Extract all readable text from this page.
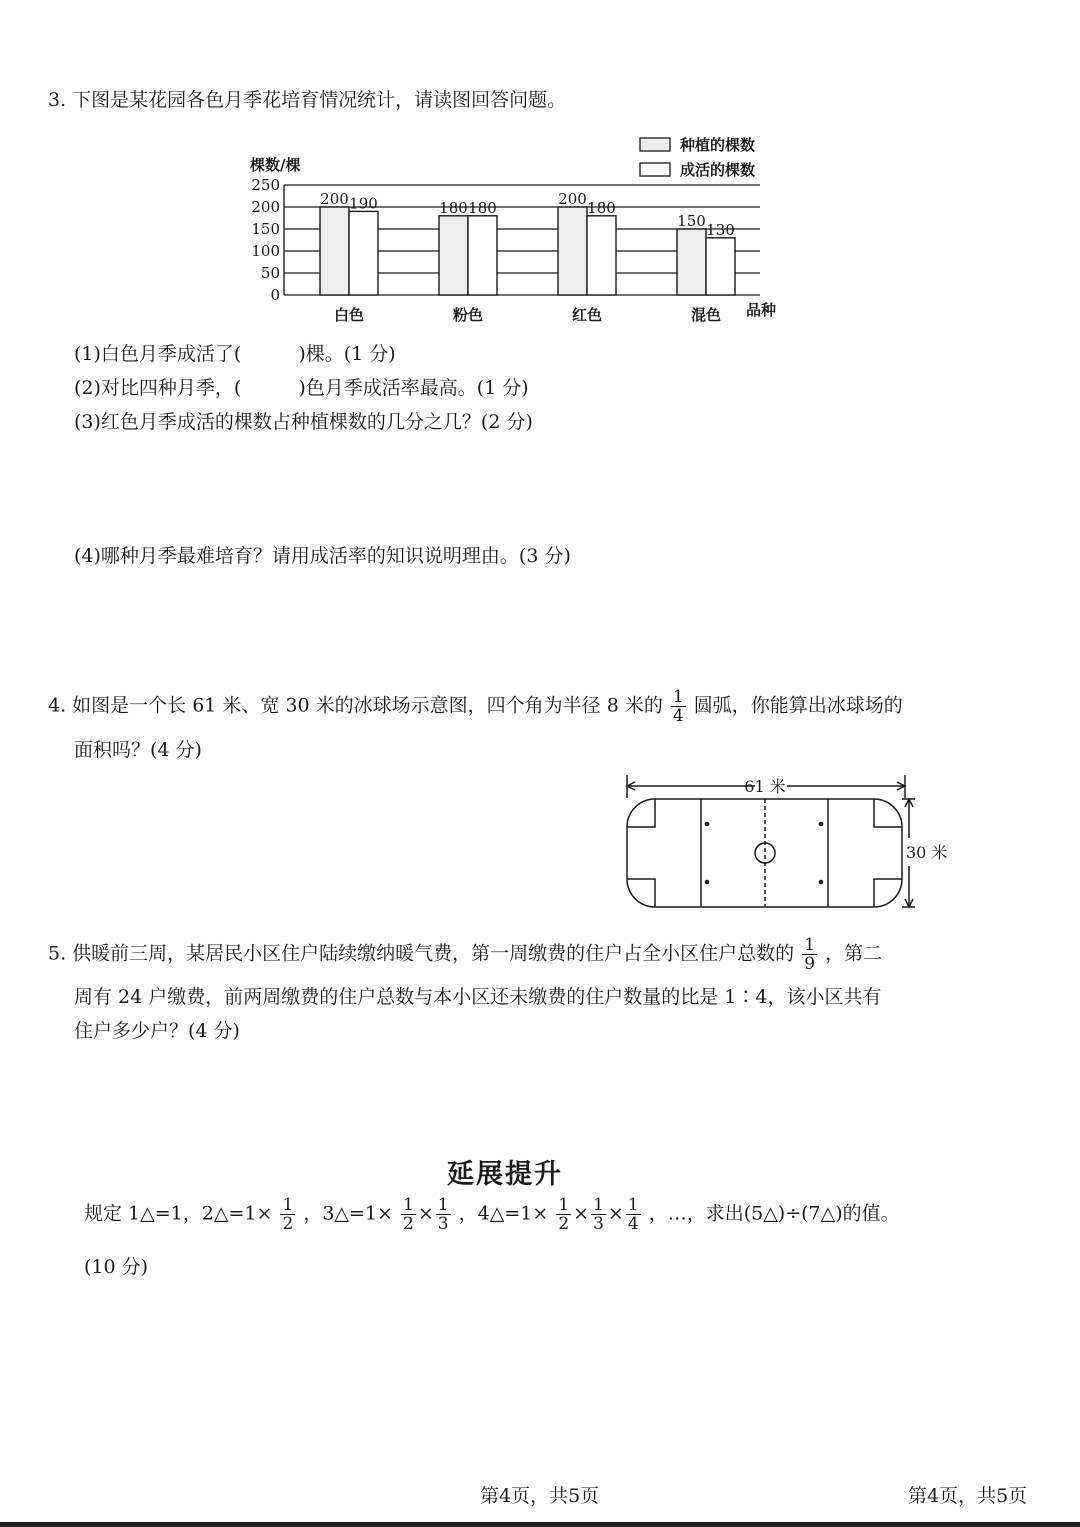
3. 下图是某花园各色月季花培育情况统计，请读图回答问题。
0
50
100
150
200
250
棵数/棵
品种
200 190
白色
180 180
粉色
200 180
红色
150 130
混色
种植的棵数
成活的棵数
(1)白色月季成活了(　　　)棵。(1 分)
(2)对比四种月季，(　　　)色月季成活率最高。(1 分)
(3)红色月季成活的棵数占种植棵数的几分之几？(2 分)
(4)哪种月季最难培育？请用成活率的知识说明理由。(3 分)
4. 如图是一个长 61 米、宽 30 米的冰球场示意图，四个角为半径 8 米的 $\frac{1}{4}$ 圆弧，你能算出冰球场的
面积吗？(4 分)
61 米
30 米
5. 供暖前三周，某居民小区住户陆续缴纳暖气费，第一周缴费的住户占全小区住户总数的 $\frac{1}{9}$ ，第二
周有 24 户缴费，前两周缴费的住户总数与本小区还未缴费的住户数量的比是 1∶4，该小区共有
住户多少户？(4 分)
延展提升
规定 1△=1，2△=1× $\frac{1}{2}$ ，3△=1× $\frac{1}{2} \times \frac{1}{3}$ ，4△=1× $\frac{1}{2} \times \frac{1}{3} \times \frac{1}{4}$ ，…，求出(5△)÷(7△)的值。
(10 分)
第4页，共5页	第4页，共5页
